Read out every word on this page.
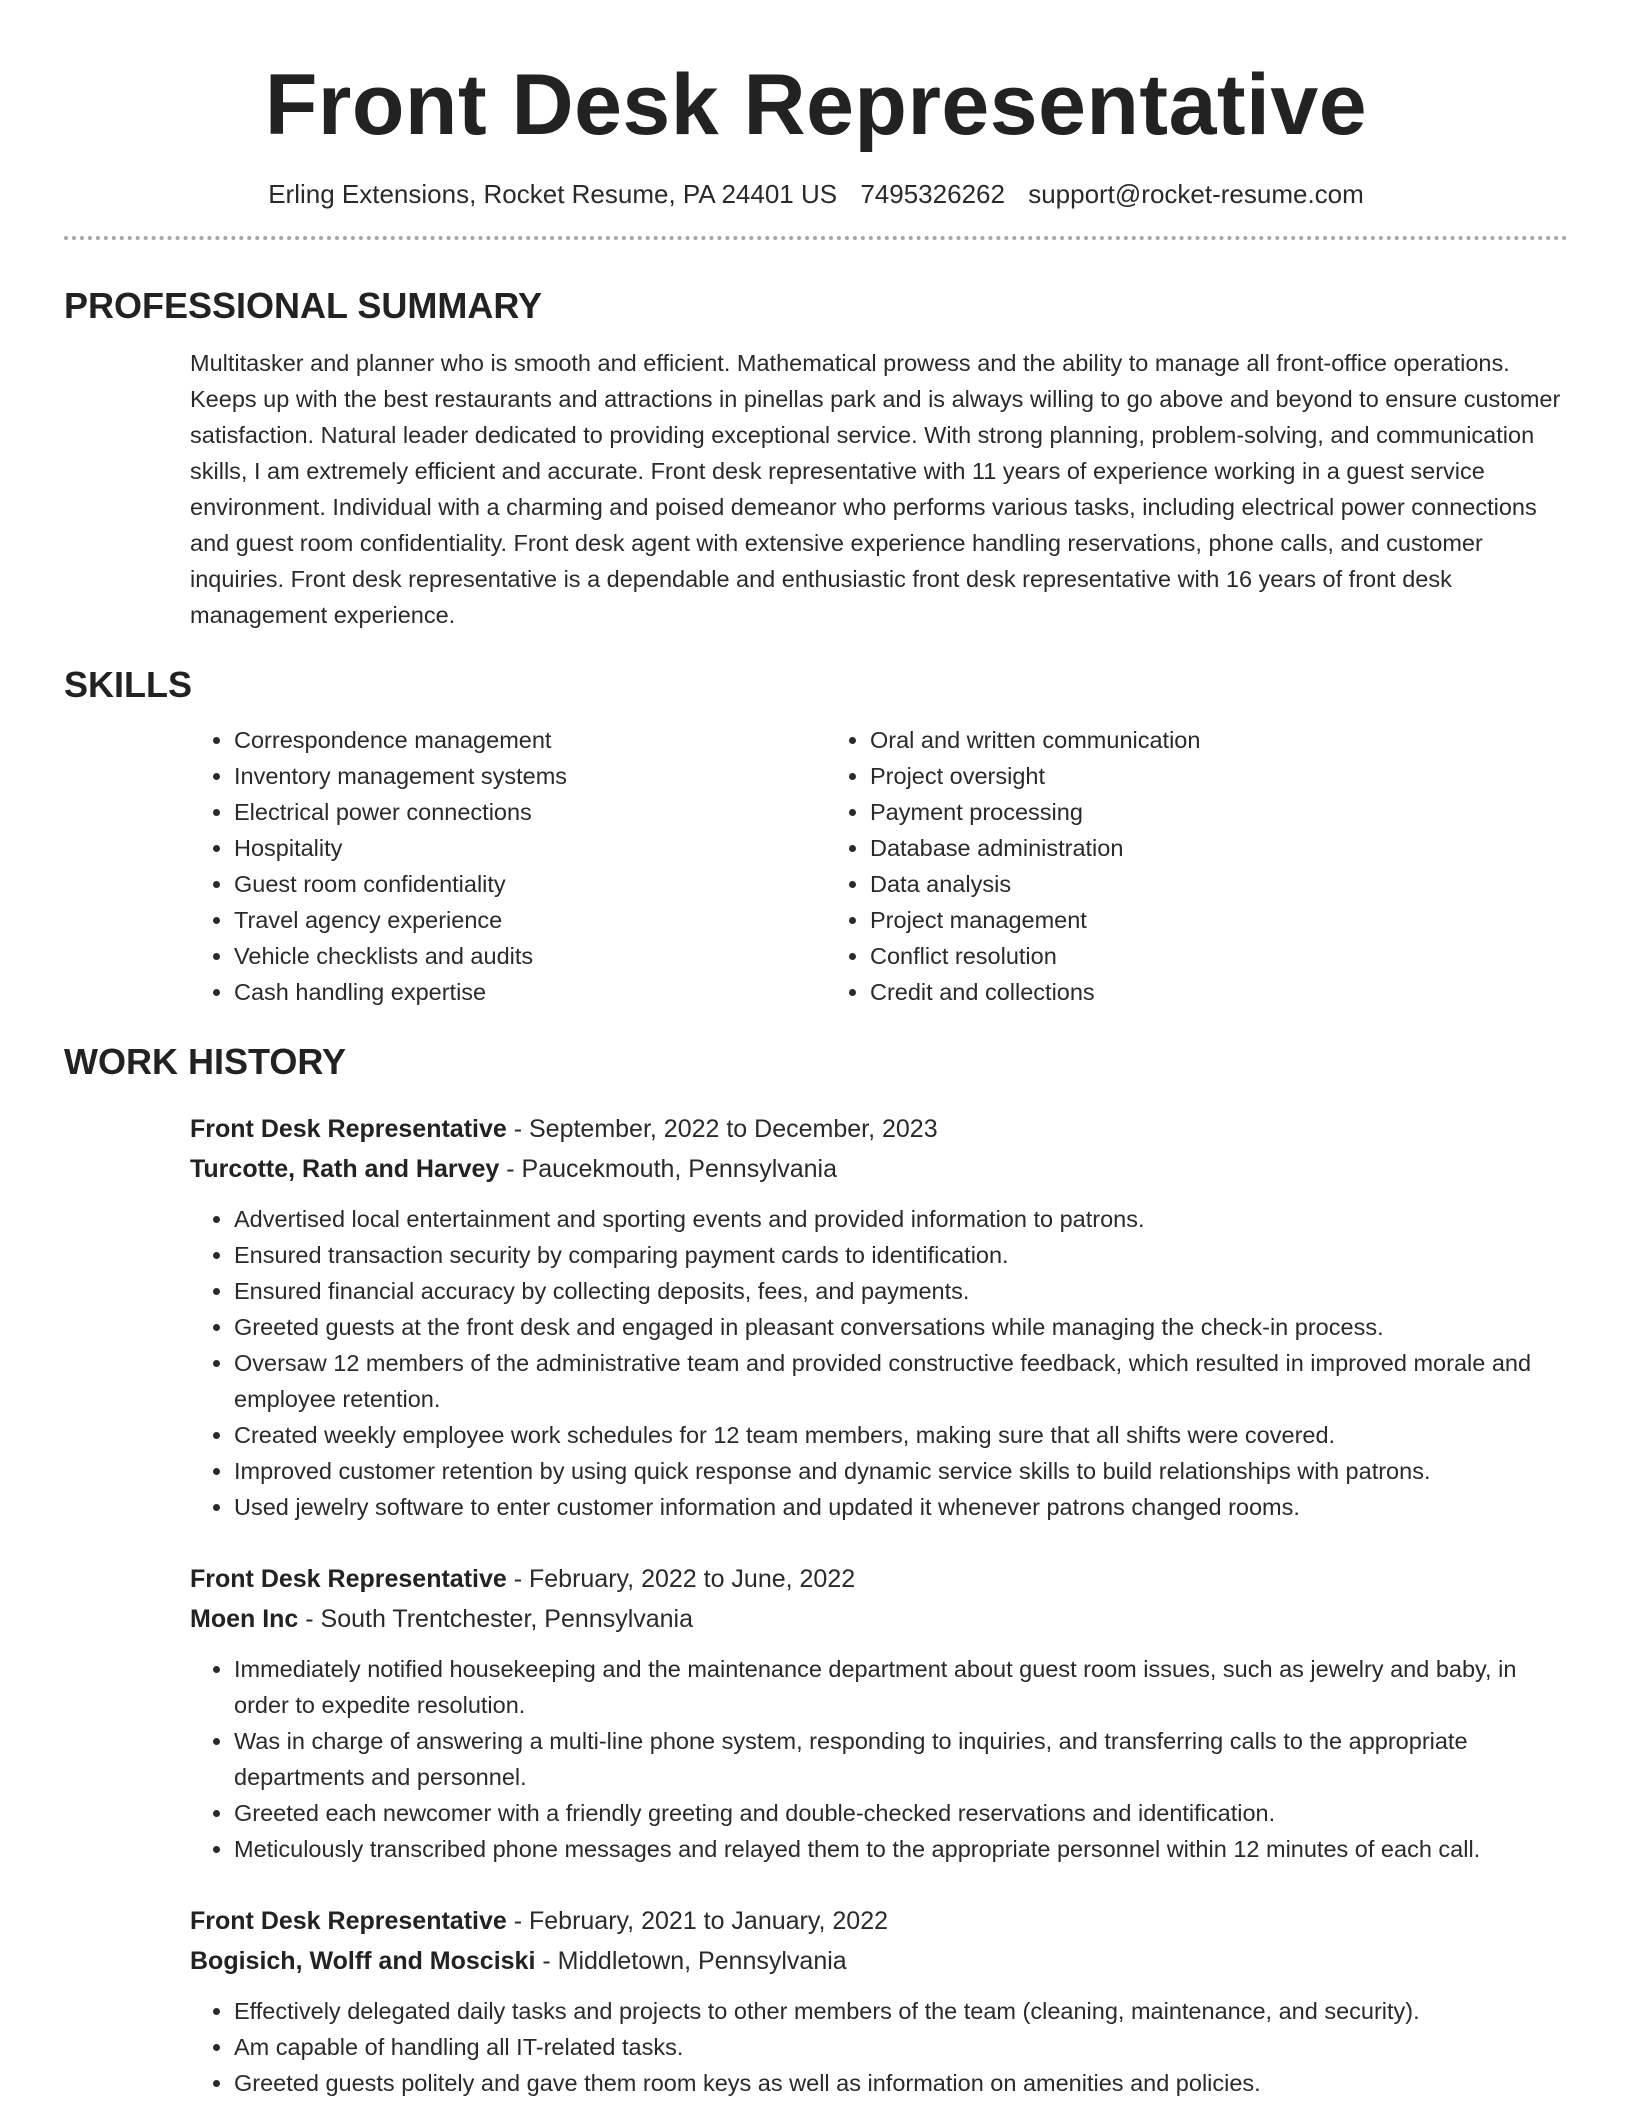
Front Desk Representative
Erling Extensions, Rocket Resume, PA 24401 US 7495326262 support@rocket-resume.com
PROFESSIONAL SUMMARY
Multitasker and planner who is smooth and efficient. Mathematical prowess and the ability to manage all front-office operations. Keeps up with the best restaurants and attractions in pinellas park and is always willing to go above and beyond to ensure customer satisfaction. Natural leader dedicated to providing exceptional service. With strong planning, problem-solving, and communication skills, I am extremely efficient and accurate. Front desk representative with 11 years of experience working in a guest service environment. Individual with a charming and poised demeanor who performs various tasks, including electrical power connections and guest room confidentiality. Front desk agent with extensive experience handling reservations, phone calls, and customer inquiries. Front desk representative is a dependable and enthusiastic front desk representative with 16 years of front desk management experience.
SKILLS
• Correspondence management
• Inventory management systems
• Electrical power connections
• Hospitality
• Guest room confidentiality
• Travel agency experience
• Vehicle checklists and audits
• Cash handling expertise
• Oral and written communication
• Project oversight
• Payment processing
• Database administration
• Data analysis
• Project management
• Conflict resolution
• Credit and collections
WORK HISTORY
Front Desk Representative - September, 2022 to December, 2023
Turcotte, Rath and Harvey - Paucekmouth, Pennsylvania
• Advertised local entertainment and sporting events and provided information to patrons.
• Ensured transaction security by comparing payment cards to identification.
• Ensured financial accuracy by collecting deposits, fees, and payments.
• Greeted guests at the front desk and engaged in pleasant conversations while managing the check-in process.
• Oversaw 12 members of the administrative team and provided constructive feedback, which resulted in improved morale and employee retention.
• Created weekly employee work schedules for 12 team members, making sure that all shifts were covered.
• Improved customer retention by using quick response and dynamic service skills to build relationships with patrons.
• Used jewelry software to enter customer information and updated it whenever patrons changed rooms.
Front Desk Representative - February, 2022 to June, 2022
Moen Inc - South Trentchester, Pennsylvania
• Immediately notified housekeeping and the maintenance department about guest room issues, such as jewelry and baby, in order to expedite resolution.
• Was in charge of answering a multi-line phone system, responding to inquiries, and transferring calls to the appropriate departments and personnel.
• Greeted each newcomer with a friendly greeting and double-checked reservations and identification.
• Meticulously transcribed phone messages and relayed them to the appropriate personnel within 12 minutes of each call.
Front Desk Representative - February, 2021 to January, 2022
Bogisich, Wolff and Mosciski - Middletown, Pennsylvania
• Effectively delegated daily tasks and projects to other members of the team (cleaning, maintenance, and security).
• Am capable of handling all IT-related tasks.
• Greeted guests politely and gave them room keys as well as information on amenities and policies.
